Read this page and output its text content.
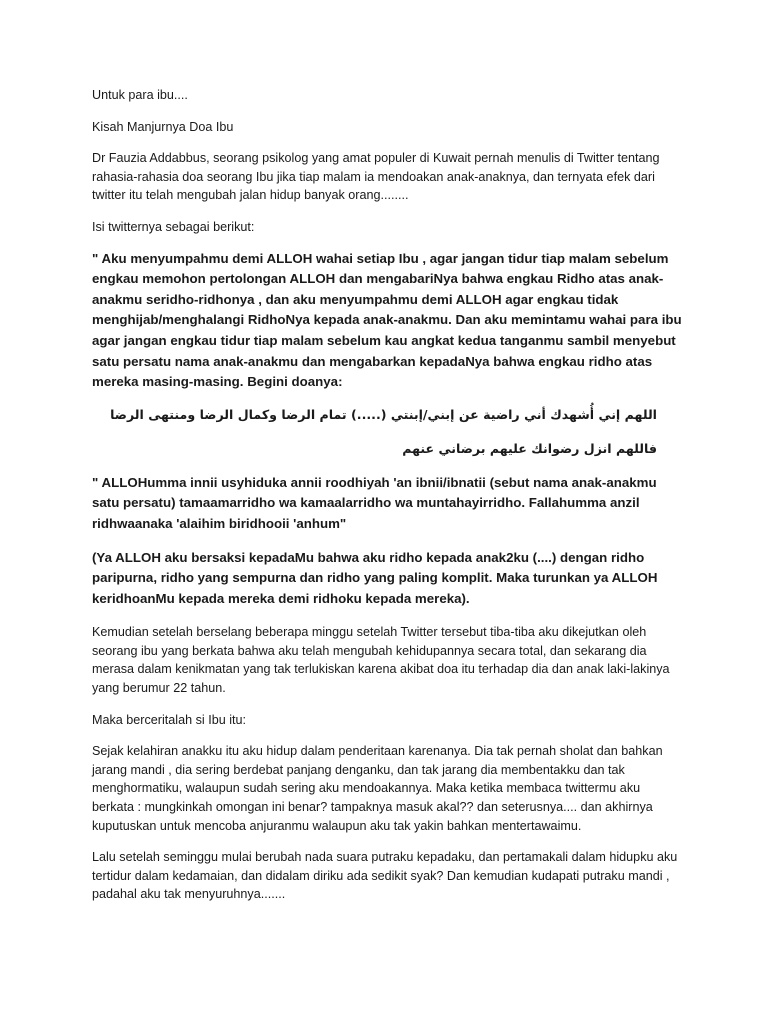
Untuk para ibu....

Kisah Manjurnya Doa Ibu

Dr Fauzia Addabbus, seorang psikolog yang amat populer di Kuwait pernah menulis di Twitter tentang rahasia-rahasia doa seorang Ibu jika tiap malam ia mendoakan anak-anaknya, dan ternyata efek dari twitter itu telah mengubah jalan hidup banyak orang........

Isi twitternya sebagai berikut:

" Aku menyumpahmu demi ALLOH wahai setiap Ibu , agar jangan tidur tiap malam sebelum engkau memohon pertolongan ALLOH dan mengabariNya bahwa engkau Ridho atas anak-anakmu seridho-ridhonya , dan aku menyumpahmu demi ALLOH agar engkau tidak menghijab/menghalangi RidhoNya kepada anak-anakmu. Dan aku memintamu wahai para ibu agar jangan engkau tidur tiap malam sebelum kau angkat kedua tanganmu sambil menyebut satu persatu nama anak-anakmu dan mengabarkan kepadaNya bahwa engkau ridho atas mereka masing-masing. Begini doanya:

اللهم إني أُشهدك أني راضية عن إبني/إبنتي (.....) تمام الرضا وكمال الرضا ومنتهى الرضا

فاللهم انزل رضوانك عليهم برضاني عنهم

" ALLOHumma innii usyhiduka annii roodhiyah 'an ibnii/ibnatii (sebut nama anak-anakmu satu persatu) tamaamarridho wa kamaalarridho wa muntahayirridho. Fallahumma anzil ridhwaanaka 'alaihim biridhooii 'anhum"

(Ya ALLOH aku bersaksi kepadaMu bahwa aku ridho kepada anak2ku (....) dengan ridho paripurna, ridho yang sempurna dan ridho yang paling komplit. Maka turunkan ya ALLOH keridhoanMu kepada mereka demi ridhoku kepada mereka).

Kemudian setelah berselang beberapa minggu setelah Twitter tersebut tiba-tiba aku dikejutkan oleh seorang ibu yang berkata bahwa aku telah mengubah kehidupannya secara total, dan sekarang dia merasa dalam kenikmatan yang tak terlukiskan karena akibat doa itu terhadap dia dan anak laki-lakinya yang berumur 22 tahun.

Maka berceritalah si Ibu itu:

Sejak kelahiran anakku itu aku hidup dalam penderitaan karenanya. Dia tak pernah sholat dan bahkan jarang mandi , dia sering berdebat panjang denganku, dan tak jarang dia membentakku dan tak menghormatiku, walaupun sudah sering aku mendoakannya. Maka ketika membaca twittermu aku berkata : mungkinkah omongan ini benar? tampaknya masuk akal?? dan seterusnya.... dan akhirnya kuputuskan untuk mencoba anjuranmu walaupun aku tak yakin bahkan mentertawaimu.

Lalu setelah seminggu mulai berubah nada suara putraku kepadaku, dan pertamakali dalam hidupku aku tertidur dalam kedamaian, dan didalam diriku ada sedikit syak? Dan kemudian kudapati putraku mandi , padahal aku tak menyuruhnya.......
